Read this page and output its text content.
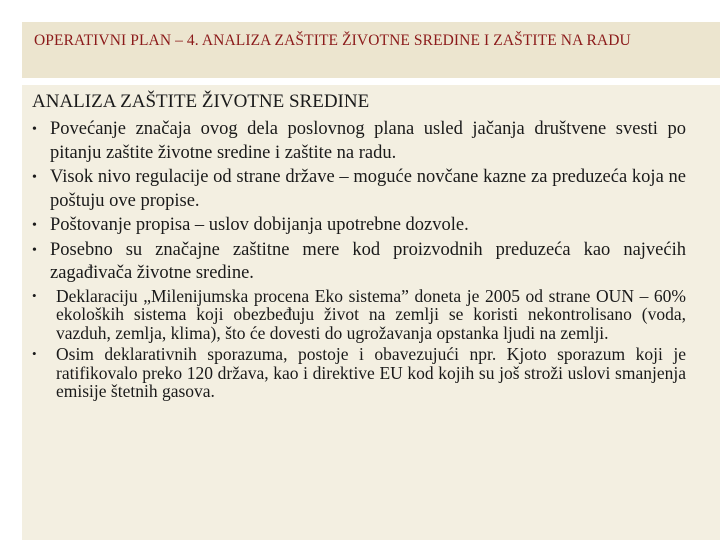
OPERATIVNI PLAN – 4. ANALIZA ZAŠTITE ŽIVOTNE SREDINE I ZAŠTITE NA RADU
ANALIZA ZAŠTITE ŽIVOTNE SREDINE
• Povećanje značaja ovog dela poslovnog plana usled jačanja društvene svesti po pitanju zaštite životne sredine i zaštite na radu.
• Visok nivo regulacije od strane države – moguće novčane kazne za preduzeća koja ne poštuju ove propise.
• Poštovanje propisa – uslov dobijanja upotrebne dozvole.
• Posebno su značajne zaštitne mere kod proizvodnih preduzeća kao najvećih zagađivača životne sredine.
• Deklaraciju „Milenijumska procena Eko sistema” doneta je 2005 od strane OUN – 60% ekoloških sistema koji obezbeđuju život na zemlji se koristi nekontrolisano (voda, vazduh, zemlja, klima), što će dovesti do ugrožavanja opstanka ljudi na zemlji.
• Osim deklarativnih sporazuma, postoje i obavezujući npr. Kjoto sporazum koji je ratifikovalo preko 120 država, kao i direktive EU kod kojih su još stroži uslovi smanjenja emisije štetnih gasova.
